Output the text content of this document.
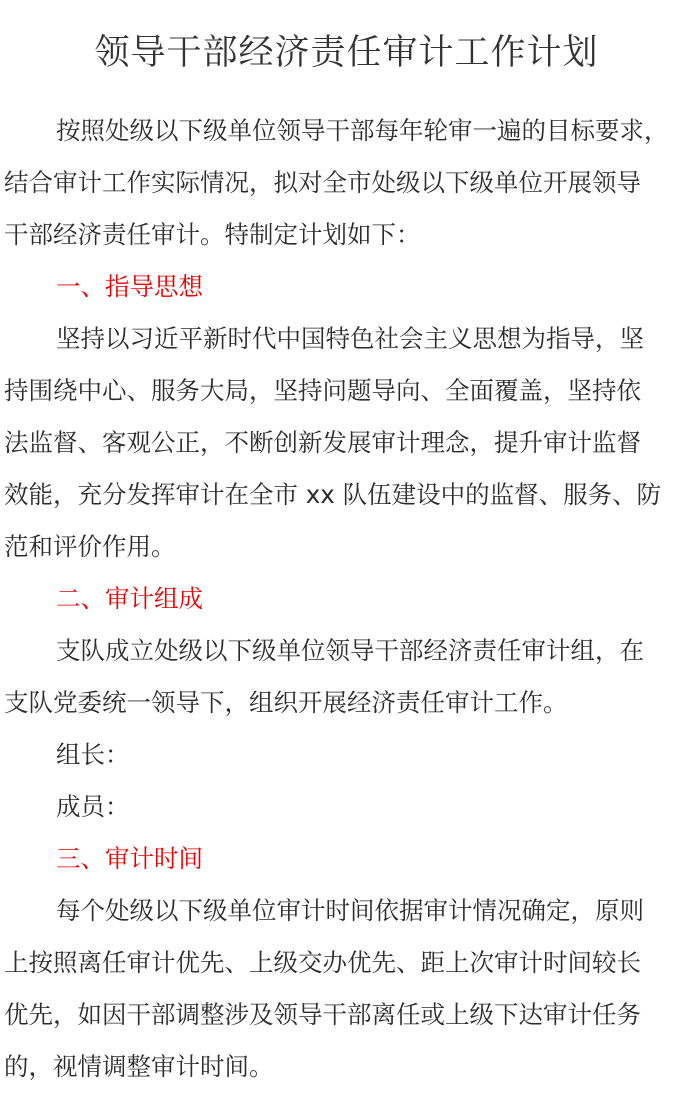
领导干部经济责任审计工作计划
按照处级以下级单位领导干部每年轮审一遍的目标要求，
结合审计工作实际情况，拟对全市处级以下级单位开展领导
干部经济责任审计。特制定计划如下：
一、指导思想
坚持以习近平新时代中国特色社会主义思想为指导，坚
持围绕中心、服务大局，坚持问题导向、全面覆盖，坚持依
法监督、客观公正，不断创新发展审计理念，提升审计监督
效能，充分发挥审计在全市 xx 队伍建设中的监督、服务、防
范和评价作用。
二、审计组成
支队成立处级以下级单位领导干部经济责任审计组，在
支队党委统一领导下，组织开展经济责任审计工作。
组长：
成员：
三、审计时间
每个处级以下级单位审计时间依据审计情况确定，原则
上按照离任审计优先、上级交办优先、距上次审计时间较长
优先，如因干部调整涉及领导干部离任或上级下达审计任务
的，视情调整审计时间。
